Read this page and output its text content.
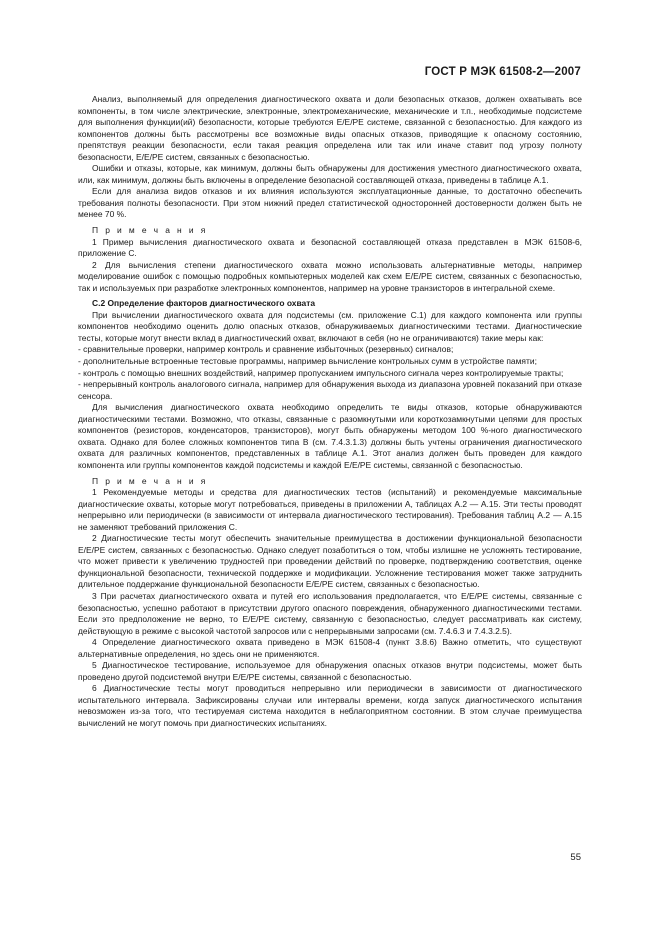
ГОСТ Р МЭК 61508-2—2007

Анализ, выполняемый для определения диагностического охвата и доли безопасных отказов, должен охватывать все компоненты, в том числе электрические, электронные, электромеханические, механические и т.п., необходимые подсистеме для выполнения функции(ий) безопасности, которые требуются E/E/PE системе, связанной с безопасностью. Для каждого из компонентов должны быть рассмотрены все возможные виды опасных отказов, приводящие к опасному состоянию, препятствуя реакции безопасности, если такая реакция определена или так или иначе ставит под угрозу полноту безопасности, E/E/PE систем, связанных с безопасностью.

Ошибки и отказы, которые, как минимум, должны быть обнаружены для достижения уместного диагностического охвата, или, как минимум, должны быть включены в определение безопасной составляющей отказа, приведены в таблице А.1.

Если для анализа видов отказов и их влияния используются эксплуатационные данные, то достаточно обеспечить требования полноты безопасности. При этом нижний предел статистической односторонней достоверности должен быть не менее 70 %.

П р и м е ч а н и я

1 Пример вычисления диагностического охвата и безопасной составляющей отказа представлен в МЭК 61508-6, приложение С.

2 Для вычисления степени диагностического охвата можно использовать альтернативные методы, например моделирование ошибок с помощью подробных компьютерных моделей как схем E/E/PE систем, связанных с безопасностью, так и используемых при разработке электронных компонентов, например на уровне транзисторов в интегральной схеме.

С.2 Определение факторов диагностического охвата

При вычислении диагностического охвата для подсистемы (см. приложение С.1) для каждого компонента или группы компонентов необходимо оценить долю опасных отказов, обнаруживаемых диагностическими тестами. Диагностические тесты, которые могут внести вклад в диагностический охват, включают в себя (но не ограничиваются) такие меры как:

- сравнительные проверки, например контроль и сравнение избыточных (резервных) сигналов;

- дополнительные встроенные тестовые программы, например вычисление контрольных сумм в устройстве памяти;

- контроль с помощью внешних воздействий, например пропусканием импульсного сигнала через контролируемые тракты;

- непрерывный контроль аналогового сигнала, например для обнаружения выхода из диапазона уровней показаний при отказе сенсора.

Для вычисления диагностического охвата необходимо определить те виды отказов, которые обнаруживаются диагностическими тестами. Возможно, что отказы, связанные с разомкнутыми или короткозамкнутыми цепями для простых компонентов (резисторов, конденсаторов, транзисторов), могут быть обнаружены методом 100 %-ного диагностического охвата. Однако для более сложных компонентов типа В (см. 7.4.3.1.3) должны быть учтены ограничения диагностического охвата для различных компонентов, представленных в таблице А.1. Этот анализ должен быть проведен для каждого компонента или группы компонентов каждой подсистемы и каждой E/E/PE системы, связанной с безопасностью.

П р и м е ч а н и я

1 Рекомендуемые методы и средства для диагностических тестов (испытаний) и рекомендуемые максимальные диагностические охваты, которые могут потребоваться, приведены в приложении А, таблицах А.2 — А.15. Эти тесты проводят непрерывно или периодически (в зависимости от интервала диагностического тестирования). Требования таблиц А.2 — А.15 не заменяют требований приложения С.

2 Диагностические тесты могут обеспечить значительные преимущества в достижении функциональной безопасности E/E/PE систем, связанных с безопасностью. Однако следует позаботиться о том, чтобы излишне не усложнять тестирование, что может привести к увеличению трудностей при проведении действий по проверке, подтверждению соответствия, оценке функциональной безопасности, технической поддержке и модификации. Усложнение тестирования может также затруднить длительное поддержание функциональной безопасности E/E/PE систем, связанных с безопасностью.

3 При расчетах диагностического охвата и путей его использования предполагается, что E/E/PE системы, связанные с безопасностью, успешно работают в присутствии другого опасного повреждения, обнаруженного диагностическими тестами. Если это предположение не верно, то E/E/PE систему, связанную с безопасностью, следует рассматривать как систему, действующую в режиме с высокой частотой запросов или с непрерывными запросами (см. 7.4.6.3 и 7.4.3.2.5).

4 Определение диагностического охвата приведено в МЭК 61508-4 (пункт 3.8.6) Важно отметить, что существуют альтернативные определения, но здесь они не применяются.

5 Диагностическое тестирование, используемое для обнаружения опасных отказов внутри подсистемы, может быть проведено другой подсистемой внутри E/E/PE системы, связанной с безопасностью.

6 Диагностические тесты могут проводиться непрерывно или периодически в зависимости от диагностического испытательного интервала. Зафиксированы случаи или интервалы времени, когда запуск диагностического испытания невозможен из-за того, что тестируемая система находится в неблагоприятном состоянии. В этом случае преимущества вычислений не могут помочь при диагностических испытаниях.

55
